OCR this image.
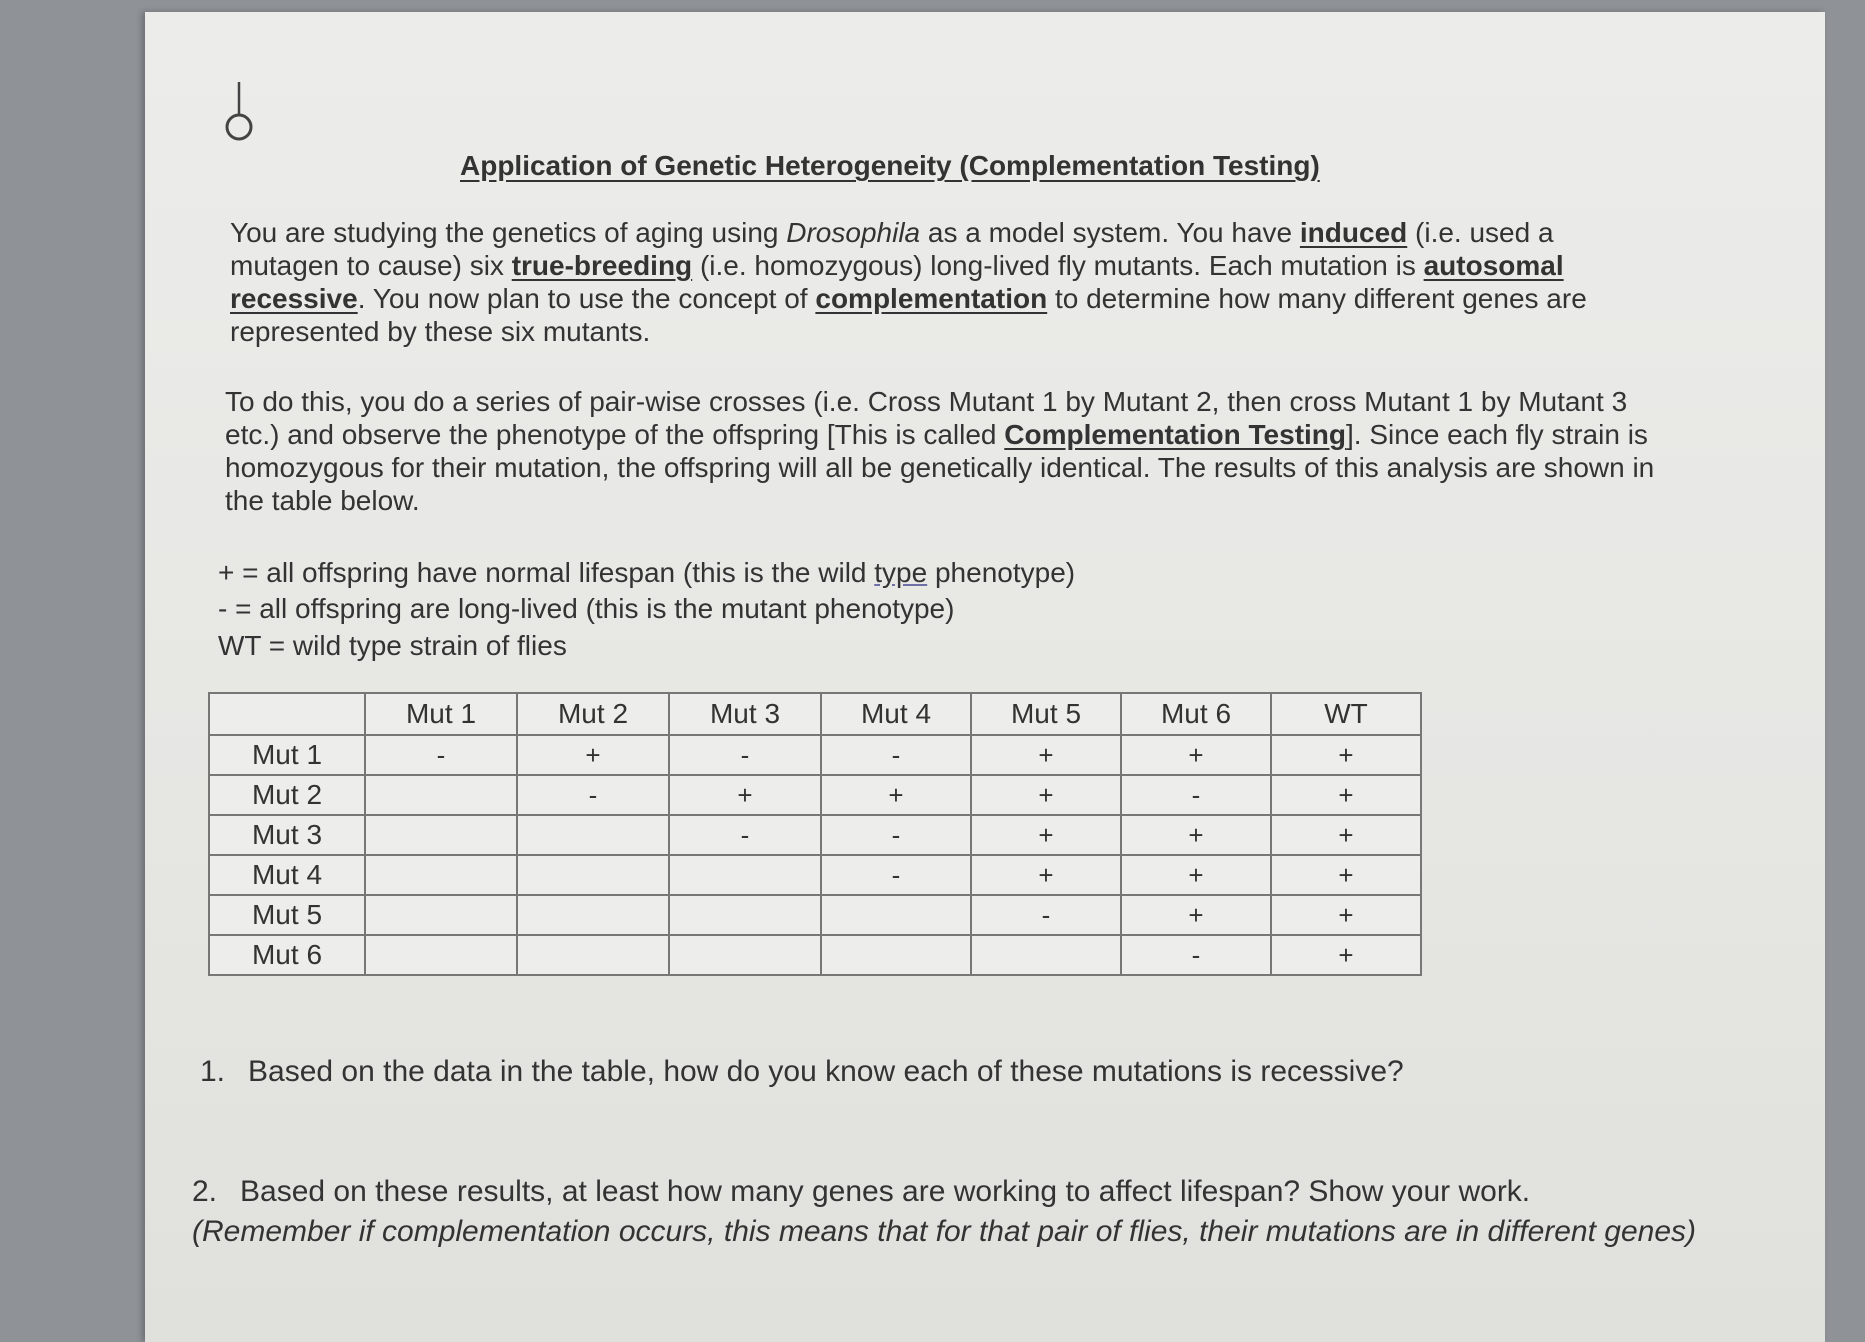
Application of Genetic Heterogeneity (Complementation Testing)
You are studying the genetics of aging using Drosophila as a model system. You have induced (i.e. used a mutagen to cause) six true-breeding (i.e. homozygous) long-lived fly mutants. Each mutation is autosomal recessive. You now plan to use the concept of complementation to determine how many different genes are represented by these six mutants.
To do this, you do a series of pair-wise crosses (i.e. Cross Mutant 1 by Mutant 2, then cross Mutant 1 by Mutant 3 etc.) and observe the phenotype of the offspring [This is called Complementation Testing]. Since each fly strain is homozygous for their mutation, the offspring will all be genetically identical. The results of this analysis are shown in the table below.
+ = all offspring have normal lifespan (this is the wild type phenotype)
- = all offspring are long-lived (this is the mutant phenotype)
WT = wild type strain of flies
	Mut 1	Mut 2	Mut 3	Mut 4	Mut 5	Mut 6	WT
Mut 1	-	+	-	-	+	+	+
Mut 2		-	+	+	+	-	+
Mut 3			-	-	+	+	+
Mut 4				-	+	+	+
Mut 5					-	+	+
Mut 6						-	+
1. Based on the data in the table, how do you know each of these mutations is recessive?
2. Based on these results, at least how many genes are working to affect lifespan? Show your work.
(Remember if complementation occurs, this means that for that pair of flies, their mutations are in different genes)
